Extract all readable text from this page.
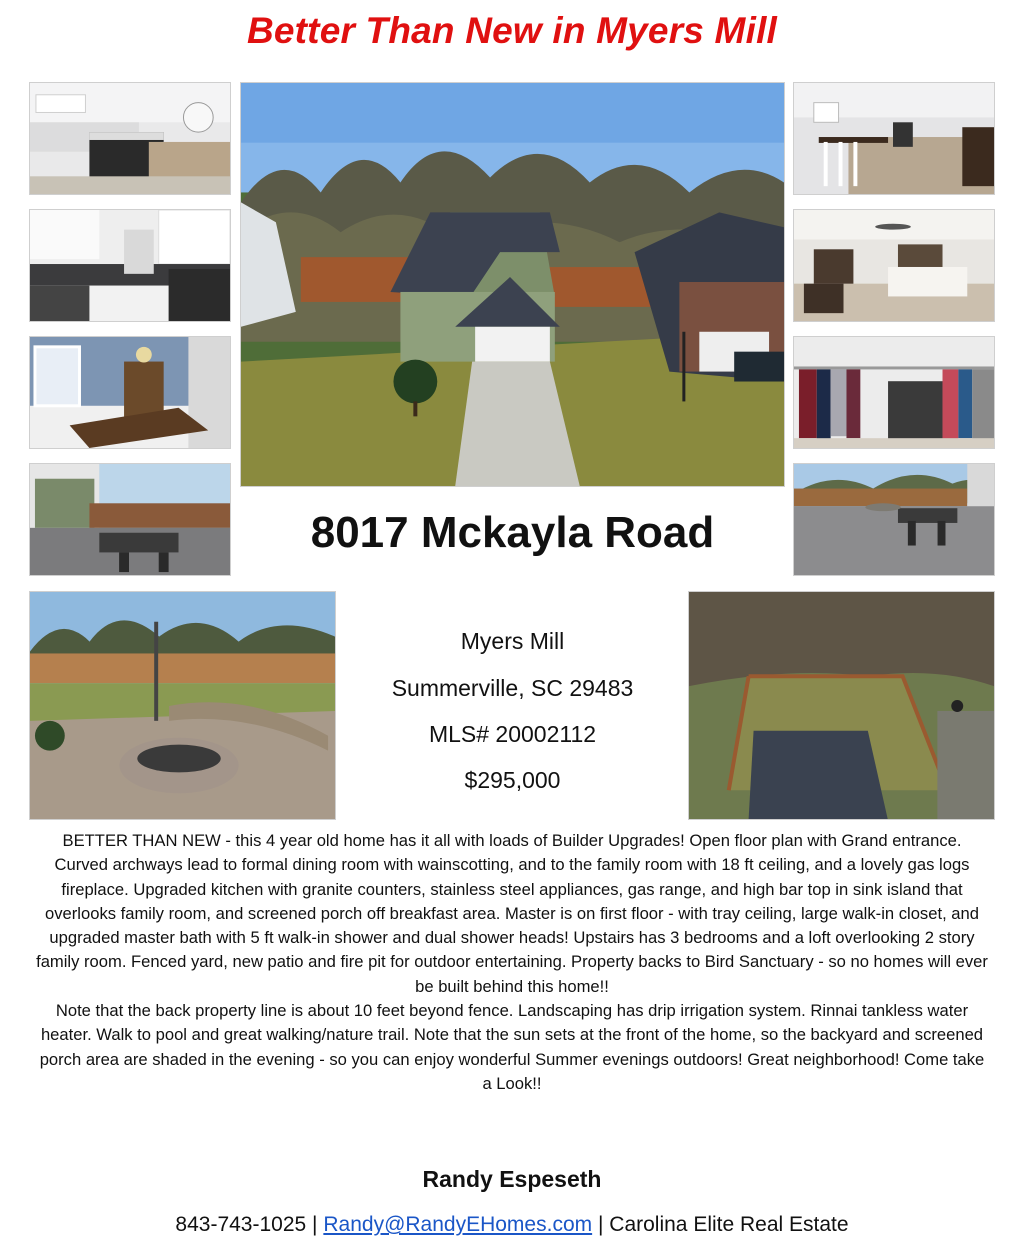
Better Than New in Myers Mill
8017 Mckayla Road
Myers Mill
Summerville, SC 29483
MLS# 20002112
$295,000

BETTER THAN NEW - this 4 year old home has it all with loads of Builder Upgrades! Open floor plan with Grand entrance. Curved archways lead to formal dining room with wainscotting, and to the family room with 18 ft ceiling, and a lovely gas logs fireplace. Upgraded kitchen with granite counters, stainless steel appliances, gas range, and high bar top in sink island that overlooks family room, and screened porch off breakfast area. Master is on first floor - with tray ceiling, large walk-in closet, and upgraded master bath with 5 ft walk-in shower and dual shower heads! Upstairs has 3 bedrooms and a loft overlooking 2 story family room. Fenced yard, new patio and fire pit for outdoor entertaining. Property backs to Bird Sanctuary - so no homes will ever be built behind this home!!

Note that the back property line is about 10 feet beyond fence. Landscaping has drip irrigation system. Rinnai tankless water heater. Walk to pool and great walking/nature trail. Note that the sun sets at the front of the home, so the backyard and screened porch area are shaded in the evening - so you can enjoy wonderful Summer evenings outdoors! Great neighborhood! Come take a Look!!

Randy Espeseth
843-743-1025 | Randy@RandyEHomes.com | Carolina Elite Real Estate
